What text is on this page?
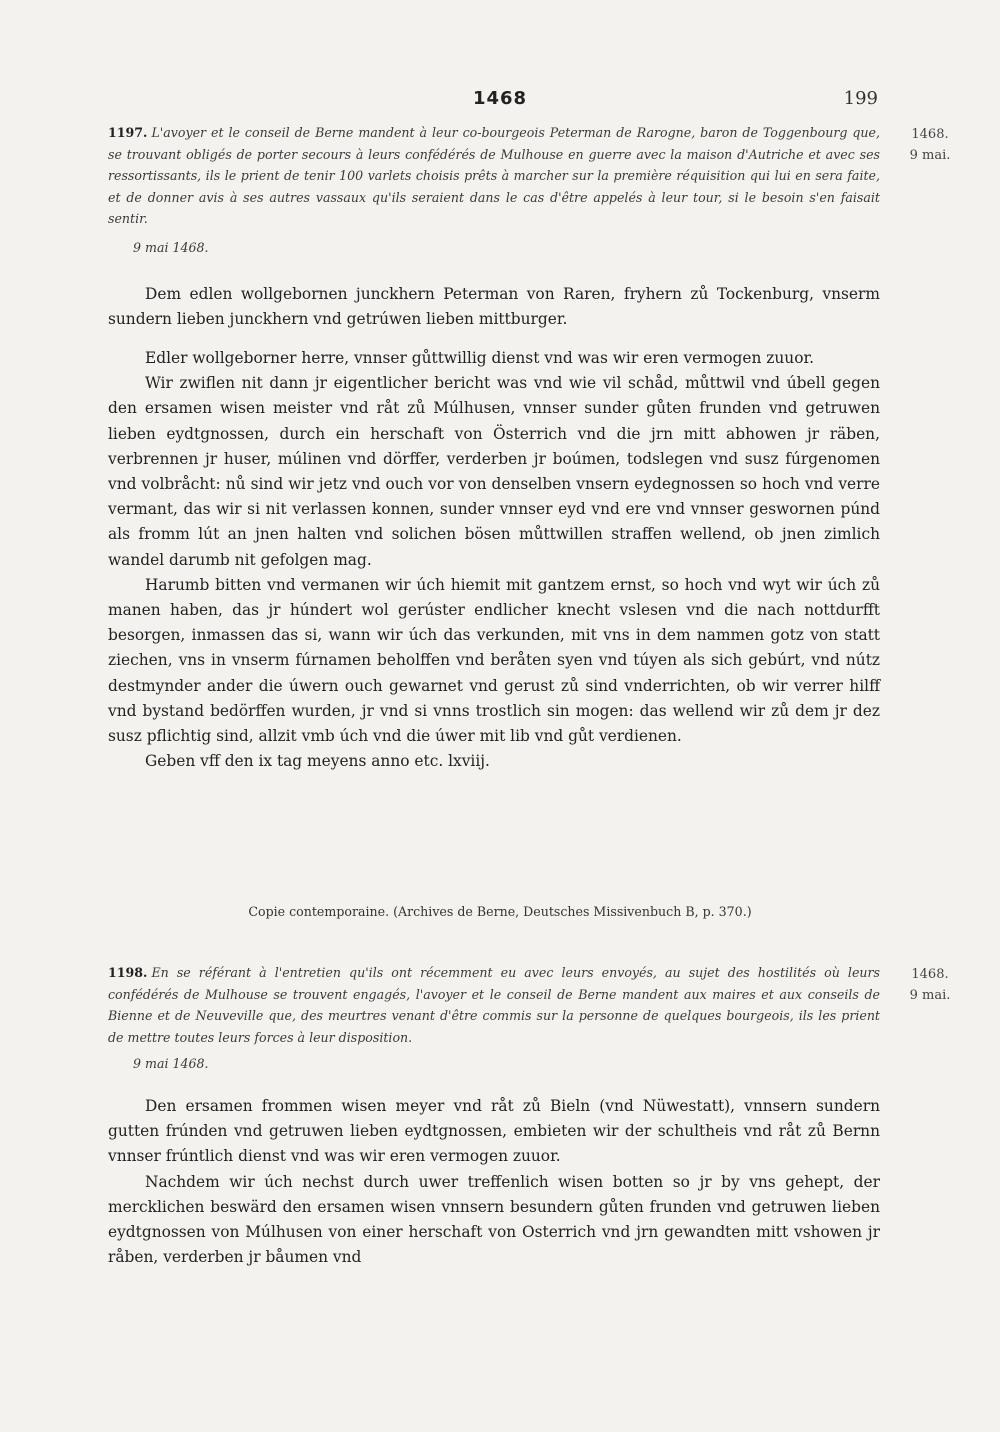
1468	199
1197. L'avoyer et le conseil de Berne mandent à leur co-bourgeois Peterman de Rarogne, baron de Toggenbourg que, se trouvant obligés de porter secours à leurs confédérés de Mulhouse en guerre avec la maison d'Autriche et avec ses ressortissants, ils le prient de tenir 100 varlets choisis prêts à marcher sur la première réquisition qui lui en sera faite, et de donner avis à ses autres vassaux qu'ils seraient dans le cas d'être appelés à leur tour, si le besoin s'en faisait sentir.
9 mai 1468.
1468.
9 mai.

Dem edlen wollgebornen junckhern Peterman von Raren, fryhern zů Tockenburg, vnserm sundern lieben junckhern vnd getrúwen lieben mittburger.

Edler wollgeborner herre, vnnser gůttwillig dienst vnd was wir eren vermogen zuuor.

Wir zwiflen nit dann jr eigentlicher bericht was vnd wie vil schåd, můttwil vnd úbell gegen den ersamen wisen meister vnd råt zů Múlhusen, vnnser sunder gůten frunden vnd getruwen lieben eydtgnossen, durch ein herschaft von Österrich vnd die jrn mitt abhowen jr räben, verbrennen jr huser, múlinen vnd dörffer, verderben jr boúmen, todslegen vnd susz fúrgenomen vnd volbråcht: nů sind wir jetz vnd ouch vor von denselben vnsern eydegnossen so hoch vnd verre vermant, das wir si nit verlassen konnen, sunder vnnser eyd vnd ere vnd vnnser geswornen púnd als fromm lút an jnen halten vnd solichen bösen můttwillen straffen wellend, ob jnen zimlich wandel darumb nit gefolgen mag.

Harumb bitten vnd vermanen wir úch hiemit mit gantzem ernst, so hoch vnd wyt wir úch zů manen haben, das jr húndert wol gerúster endlicher knecht vslesen vnd die nach nottdurfft besorgen, inmassen das si, wann wir úch das verkunden, mit vns in dem nammen gotz von statt ziechen, vns in vnserm fúrnamen beholffen vnd beråten syen vnd túyen als sich gebúrt, vnd nútz destmynder ander die úwern ouch gewarnet vnd gerust zů sind vnderrichten, ob wir verrer hilff vnd bystand bedörffen wurden, jr vnd si vnns trostlich sin mogen: das wellend wir zů dem jr dez susz pflichtig sind, allzit vmb úch vnd die úwer mit lib vnd gůt verdienen.

Geben vff den ix tag meyens anno etc. lxviij.

Copie contemporaine. (Archives de Berne, Deutsches Missivenbuch B, p. 370.)
1198. En se référant à l'entretien qu'ils ont récemment eu avec leurs envoyés, au sujet des hostilités où leurs confédérés de Mulhouse se trouvent engagés, l'avoyer et le conseil de Berne mandent aux maires et aux conseils de Bienne et de Neuveville que, des meurtres venant d'être commis sur la personne de quelques bourgeois, ils les prient de mettre toutes leurs forces à leur disposition.
9 mai 1468.
1468.
9 mai.

Den ersamen frommen wisen meyer vnd råt zů Bieln (vnd Nüwestatt), vnnsern sundern gutten frúnden vnd getruwen lieben eydtgnossen, embieten wir der schultheis vnd råt zů Bernn vnnser frúntlich dienst vnd was wir eren vermogen zuuor.

Nachdem wir úch nechst durch uwer treffenlich wisen botten so jr by vns gehept, der mercklichen beswärd den ersamen wisen vnnsern besundern gůten frunden vnd getruwen lieben eydtgnossen von Múlhusen von einer herschaft von Osterrich vnd jrn gewandten mitt vshowen jr råben, verderben jr båumen vnd
